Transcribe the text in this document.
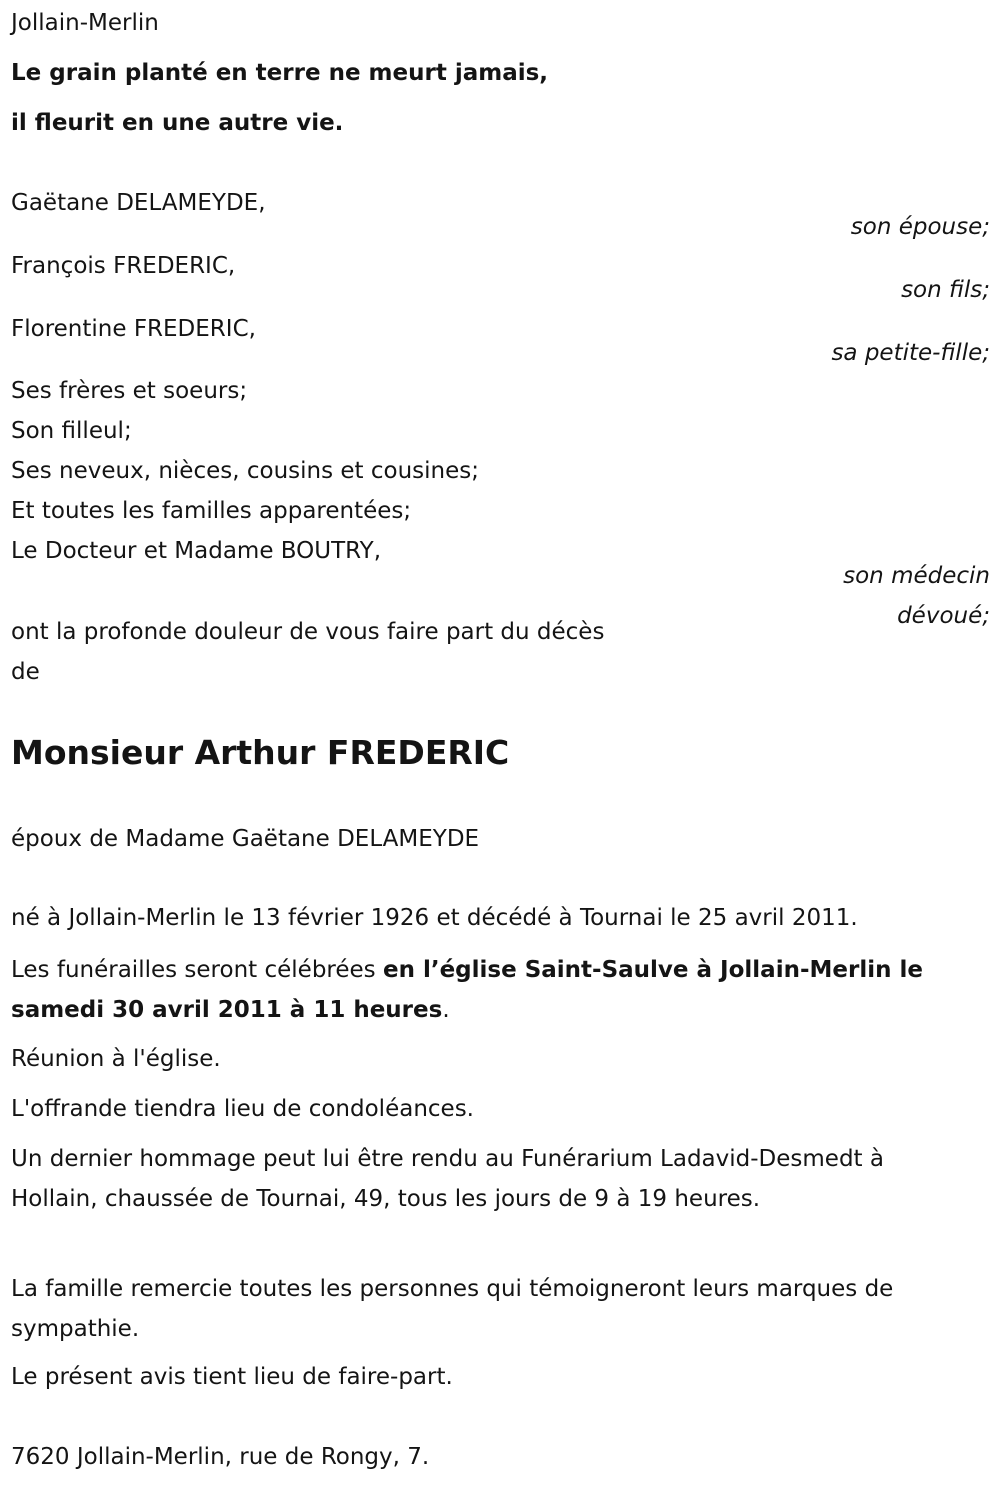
Jollain-Merlin

Le grain planté en terre ne meurt jamais,

il fleurit en une autre vie.

Gaëtane DELAMEYDE,

son épouse;

François FREDERIC,

son fils;

Florentine FREDERIC,

sa petite-fille;

Ses frères et soeurs;

Son filleul;

Ses neveux, nièces, cousins et cousines;

Et toutes les familles apparentées;

Le Docteur et Madame BOUTRY,

son médecin

dévoué;

ont la profonde douleur de vous faire part du décès

de

Monsieur Arthur FREDERIC

époux de Madame Gaëtane DELAMEYDE

né à Jollain-Merlin le 13 février 1926 et décédé à Tournai le 25 avril 2011.

Les funérailles seront célébrées en l’église Saint-Saulve à Jollain-Merlin le samedi 30 avril 2011 à 11 heures.

Réunion à l'église.

L'offrande tiendra lieu de condoléances.

Un dernier hommage peut lui être rendu au Funérarium Ladavid-Desmedt à Hollain, chaussée de Tournai, 49, tous les jours de 9 à 19 heures.

La famille remercie toutes les personnes qui témoigneront leurs marques de sympathie.

Le présent avis tient lieu de faire-part.

7620 Jollain-Merlin, rue de Rongy, 7.
